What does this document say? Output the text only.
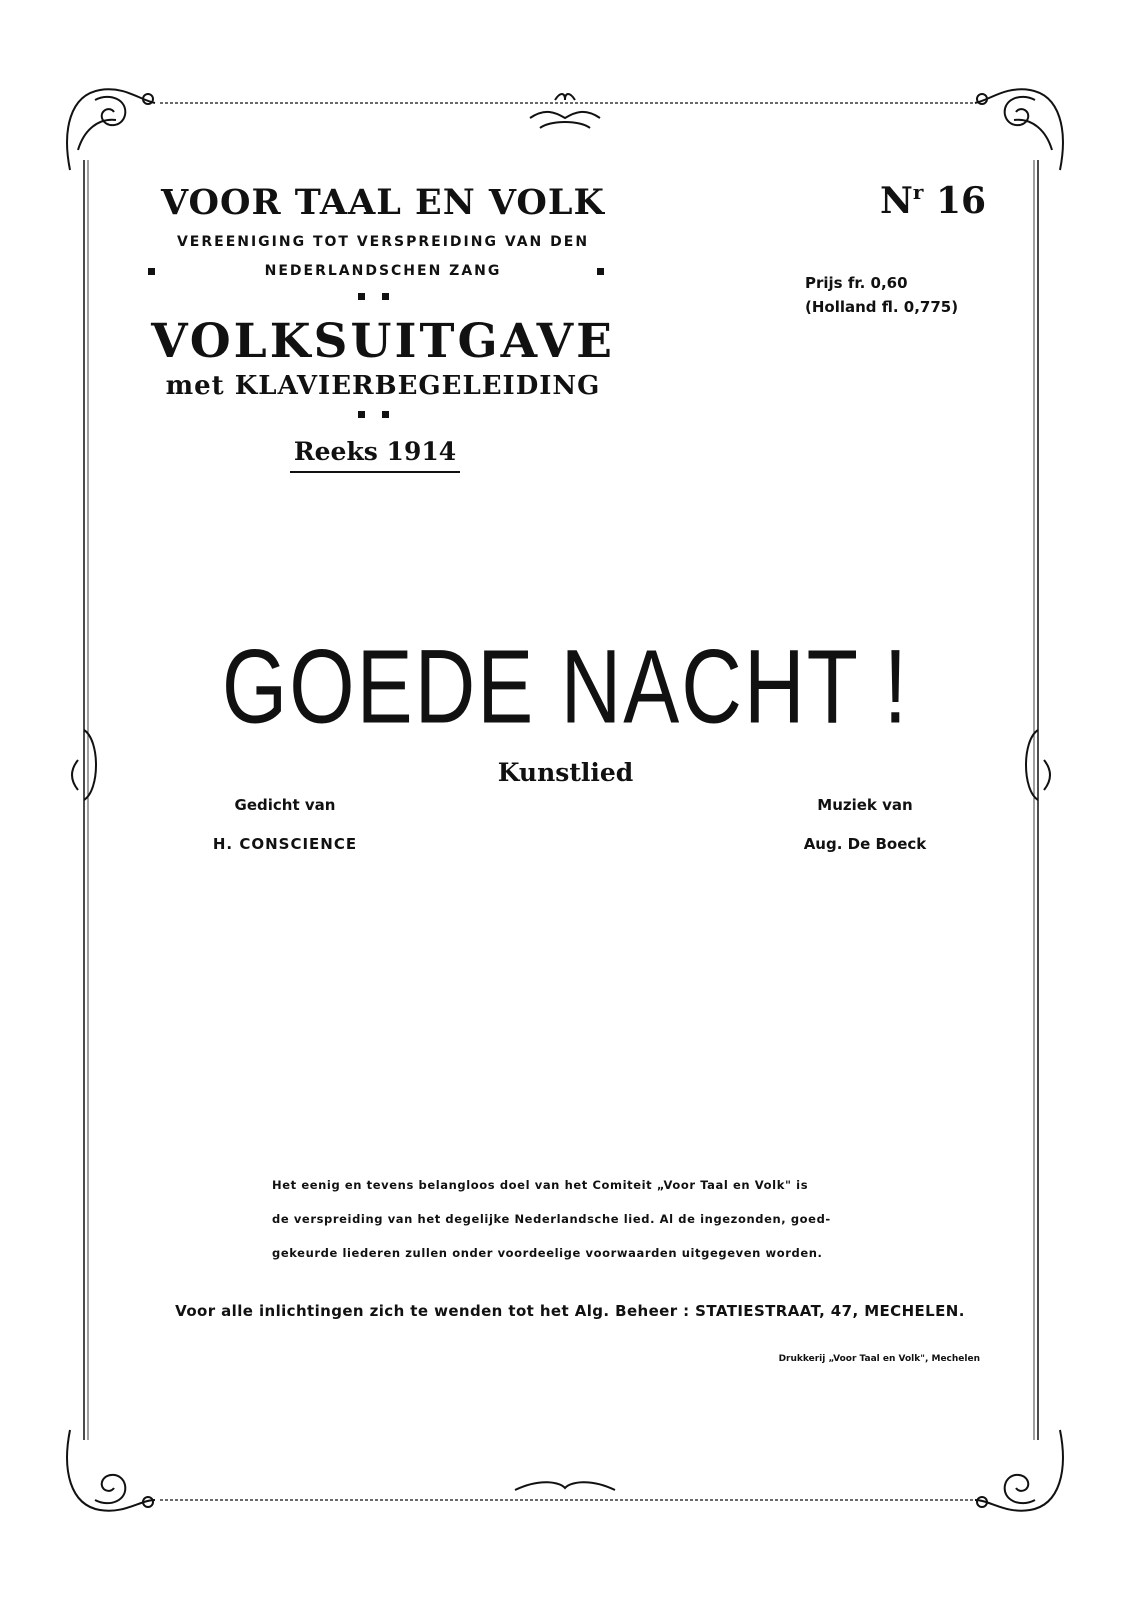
VOOR TAAL EN VOLK
VEREENIGING TOT VERSPREIDING VAN DEN
NEDERLANDSCHEN ZANG
VOLKSUITGAVE
met KLAVIERBEGELEIDING
Reeks 1914
$N^r$ 16
Prijs fr. 0,60
(Holland fl. 0,775)
GOEDE NACHT !
Kunstlied
Gedicht van
H. CONSCIENCE
Muziek van
Aug. De Boeck

Het eenig en tevens belangloos doel van het Comiteit „Voor Taal en Volk" is

de verspreiding van het degelijke Nederlandsche lied. Al de ingezonden, goed-

gekeurde liederen zullen onder voordeelige voorwaarden uitgegeven worden.

Voor alle inlichtingen zich te wenden tot het Alg. Beheer : STATIESTRAAT, 47, MECHELEN.
Drukkerij „Voor Taal en Volk", Mechelen
